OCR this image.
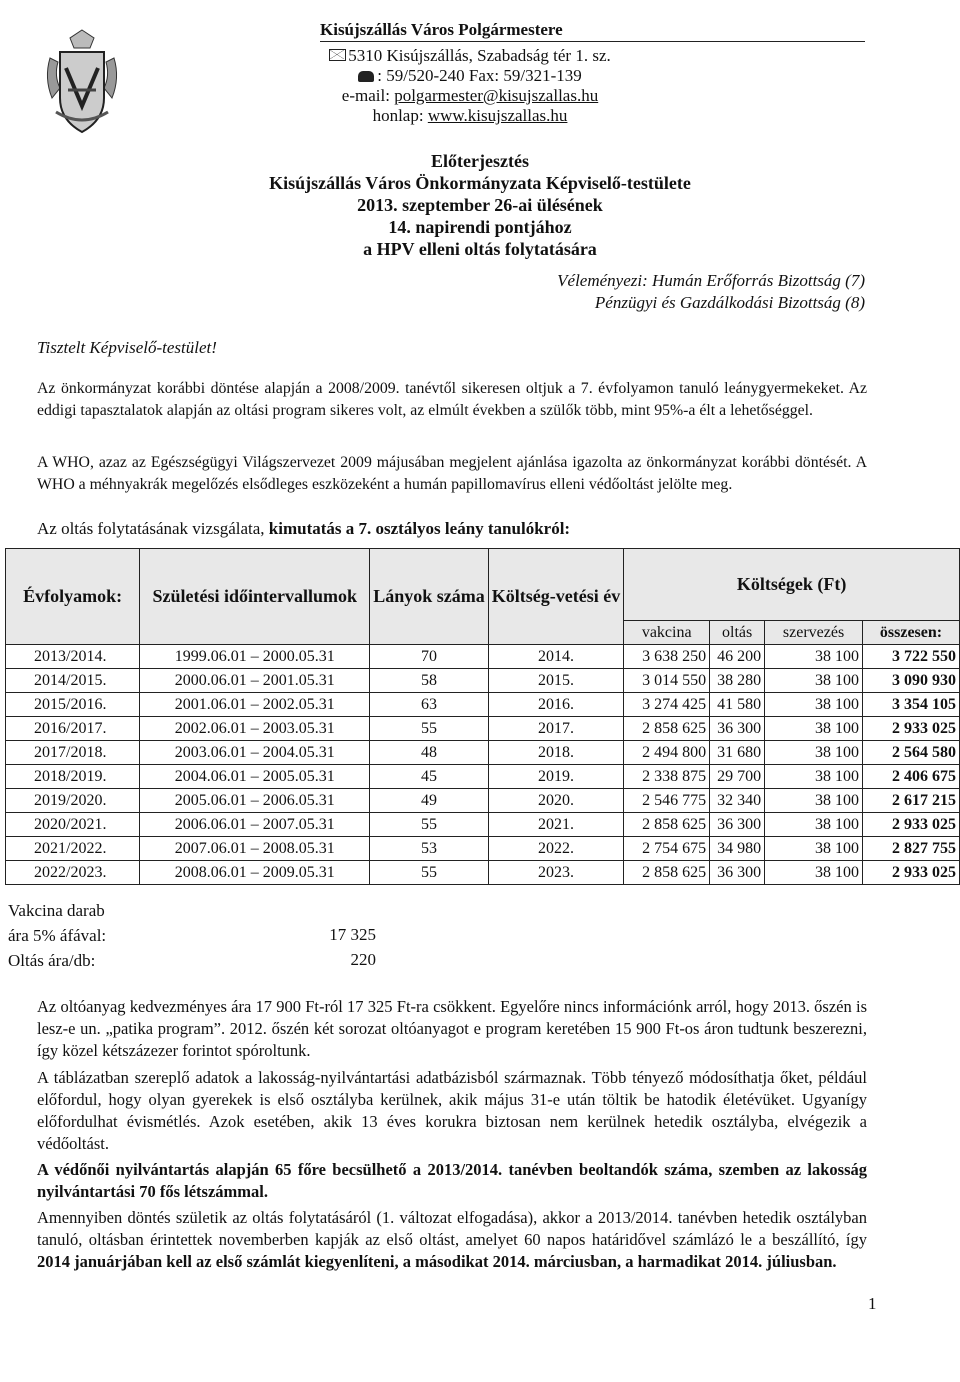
Kisújszállás Város Polgármestere
5310 Kisújszállás, Szabadság tér 1. sz.
: 59/520-240 Fax: 59/321-139
e-mail: polgarmester@kisujszallas.hu
honlap: www.kisujszallas.hu
Előterjesztés
Kisújszállás Város Önkormányzata Képviselő-testülete
2013. szeptember 26-ai ülésének
14. napirendi pontjához
a HPV elleni oltás folytatására
Véleményezi: Humán Erőforrás Bizottság (7)
Pénzügyi és Gazdálkodási Bizottság (8)
Tisztelt Képviselő-testület!
Az önkormányzat korábbi döntése alapján a 2008/2009. tanévtől sikeresen oltjuk a 7. évfolyamon tanuló leánygyermekeket. Az eddigi tapasztalatok alapján az oltási program sikeres volt, az elmúlt években a szülők több, mint 95%-a élt a lehetőséggel.
A WHO, azaz az Egészségügyi Világszervezet 2009 májusában megjelent ajánlása igazolta az önkormányzat korábbi döntését. A WHO a méhnyakrák megelőzés elsődleges eszközeként a humán papillomavírus elleni védőoltást jelölte meg.
Az oltás folytatásának vizsgálata, kimutatás a 7. osztályos leány tanulókról:
Évfolyamok:	Születési időintervallumok	Lányok száma	Költség-vetési év	Költségek (Ft)			
				vakcina	oltás	szervezés	összesen:
2013/2014.	1999.06.01 – 2000.05.31	70	2014.	3 638 250	46 200	38 100	3 722 550
2014/2015.	2000.06.01 – 2001.05.31	58	2015.	3 014 550	38 280	38 100	3 090 930
2015/2016.	2001.06.01 – 2002.05.31	63	2016.	3 274 425	41 580	38 100	3 354 105
2016/2017.	2002.06.01 – 2003.05.31	55	2017.	2 858 625	36 300	38 100	2 933 025
2017/2018.	2003.06.01 – 2004.05.31	48	2018.	2 494 800	31 680	38 100	2 564 580
2018/2019.	2004.06.01 – 2005.05.31	45	2019.	2 338 875	29 700	38 100	2 406 675
2019/2020.	2005.06.01 – 2006.05.31	49	2020.	2 546 775	32 340	38 100	2 617 215
2020/2021.	2006.06.01 – 2007.05.31	55	2021.	2 858 625	36 300	38 100	2 933 025
2021/2022.	2007.06.01 – 2008.05.31	53	2022.	2 754 675	34 980	38 100	2 827 755
2022/2023.	2008.06.01 – 2009.05.31	55	2023.	2 858 625	36 300	38 100	2 933 025
Vakcina darab
ára 5% áfával:	17 325
Oltás ára/db:	220
Az oltóanyag kedvezményes ára 17 900 Ft-ról 17 325 Ft-ra csökkent. Egyelőre nincs információnk arról, hogy 2013. őszén is lesz-e un. „patika program”. 2012. őszén két sorozat oltóanyagot e program keretében 15 900 Ft-os áron tudtunk beszerezni, így közel kétszázezer forintot spóroltunk.
A táblázatban szereplő adatok a lakosság-nyilvántartási adatbázisból származnak. Több tényező módosíthatja őket, például előfordul, hogy olyan gyerekek is első osztályba kerülnek, akik május 31-e után töltik be hatodik életévüket. Ugyanígy előfordulhat évismétlés. Azok esetében, akik 13 éves korukra biztosan nem kerülnek hetedik osztályba, elvégezik a védőoltást.
A védőnői nyilvántartás alapján 65 főre becsülhető a 2013/2014. tanévben beoltandók száma, szemben az lakosság nyilvántartási 70 fős létszámmal.
Amennyiben döntés születik az oltás folytatásáról (1. változat elfogadása), akkor a 2013/2014. tanévben hetedik osztályban tanuló, oltásban érintettek novemberben kapják az első oltást, amelyet 60 napos határidővel számlázó le a beszállító, így 2014 januárjában kell az első számlát kiegyenlíteni, a másodikat 2014. márciusban, a harmadikat 2014. júliusban.
1
